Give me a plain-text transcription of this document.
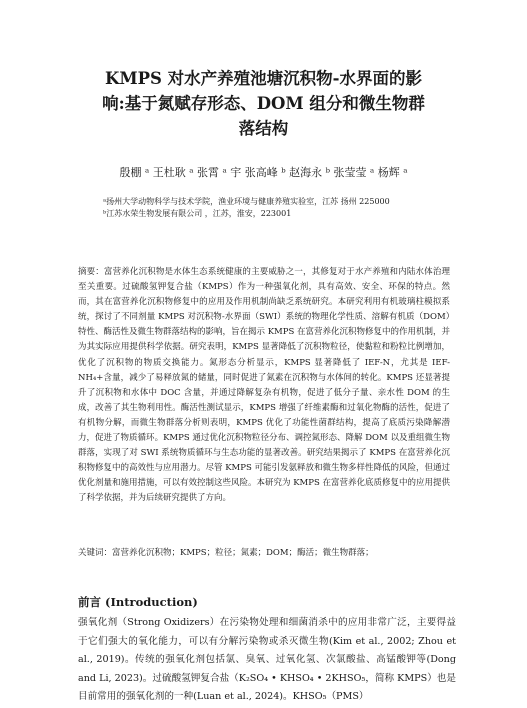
KMPS 对水产养殖池塘沉积物-水界面的影
响:基于氮赋存形态、DOM 组分和微生物群
落结构

殷棚 ᵃ 王杜耿 ᵃ 张霄 ᵃ 宇 张高峰 ᵇ 赵海永 ᵇ 张莹莹 ᵃ 杨辉 ᵃ

ᵃ扬州大学动物科学与技术学院，渔业环境与健康养殖实验室，江苏 扬州 225000

ᵇ江苏水荣生物发展有限公司 ，江苏，淮安，223001

摘要：富营养化沉积物是水体生态系统健康的主要威胁之一，其修复对于水产养殖和内陆水体治理至关重要。过硫酸氢钾复合盐（KMPS）作为一种强氧化剂，具有高效、安全、环保的特点。然而，其在富营养化沉积物修复中的应用及作用机制尚缺乏系统研究。本研究利用有机玻璃柱模拟系统，探讨了不同剂量 KMPS 对沉积物-水界面（SWI）系统的物理化学性质、溶解有机质（DOM）特性、酶活性及微生物群落结构的影响，旨在揭示 KMPS 在富营养化沉积物修复中的作用机制，并为其实际应用提供科学依据。研究表明，KMPS 显著降低了沉积物粒径，使黏粒和粉粒比例增加，优化了沉积物的物质交换能力。氮形态分析显示，KMPS 显著降低了 IEF-N，尤其是 IEF-NH₄+含量，减少了易释放氮的储量，同时促进了氮素在沉积物与水体间的转化。KMPS 还显著提升了沉积物和水体中 DOC 含量，并通过降解复杂有机物，促进了低分子量、亲水性 DOM 的生成，改善了其生物利用性。酶活性测试显示，KMPS 增强了纤维素酶和过氧化物酶的活性，促进了有机物分解，而微生物群落分析则表明，KMPS 优化了功能性菌群结构，提高了底质污染降解潜力，促进了物质循环。KMPS 通过优化沉积物粒径分布、调控氮形态、降解 DOM 以及重组微生物群落，实现了对 SWI 系统物质循环与生态功能的显著改善。研究结果揭示了 KMPS 在富营养化沉积物修复中的高效性与应用潜力。尽管 KMPS 可能引发氨释放和微生物多样性降低的风险，但通过优化剂量和施用措施，可以有效控制这些风险。本研究为 KMPS 在富营养化底质修复中的应用提供了科学依据，并为后续研究提供了方向。

关键词：富营养化沉积物；KMPS；粒径；氮素；DOM；酶活；微生物群落；

前言 (Introduction)

强氧化剂（Strong Oxidizers）在污染物处理和细菌消杀中的应用非常广泛，主要得益于它们强大的氧化能力，可以有分解污染物或杀灭微生物(Kim et al., 2002; Zhou et al., 2019)。传统的强氧化剂包括氯、臭氧、过氧化氢、次氯酸盐、高锰酸钾等(Dong and Li, 2023)。过硫酸氢钾复合盐（K₂SO₄ • KHSO₄ • 2KHSO₅，简称 KMPS）也是目前常用的强氧化剂的一种(Luan et al., 2024)。KHSO₅（PMS）
